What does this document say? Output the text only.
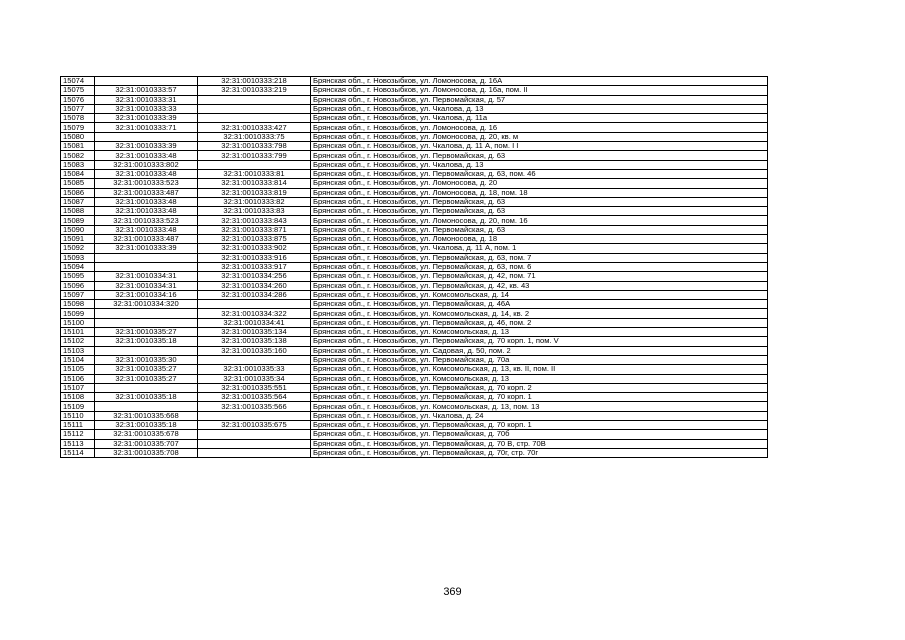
15074		32:31:0010333:218	Брянская обл., г. Новозыбков, ул. Ломоносова, д. 16А
15075	32:31:0010333:57	32:31:0010333:219	Брянская обл., г. Новозыбков, ул. Ломоносова, д. 16а, пом. II
15076	32:31:0010333:31		Брянская обл., г. Новозыбков, ул. Первомайская, д. 57
15077	32:31:0010333:33		Брянская обл., г. Новозыбков, ул. Чкалова, д. 13
15078	32:31:0010333:39		Брянская обл., г. Новозыбков, ул. Чкалова, д. 11а
15079	32:31:0010333:71	32:31:0010333:427	Брянская обл., г. Новозыбков, ул. Ломоносова, д. 16
15080		32:31:0010333:75	Брянская обл., г. Новозыбков, ул. Ломоносова, д. 20, кв. м
15081	32:31:0010333:39	32:31:0010333:798	Брянская обл., г. Новозыбков, ул. Чкалова, д. 11 А, пом. I I
15082	32:31:0010333:48	32:31:0010333:799	Брянская обл., г. Новозыбков, ул. Первомайская, д. 63
15083	32:31:0010333:802		Брянская обл., г. Новозыбков, ул. Чкалова, д. 13
15084	32:31:0010333:48	32:31:0010333:81	Брянская обл., г. Новозыбков, ул. Первомайская, д. 63, пом. 46
15085	32:31:0010333:523	32:31:0010333:814	Брянская обл., г. Новозыбков, ул. Ломоносова, д. 20
15086	32:31:0010333:487	32:31:0010333:819	Брянская обл., г. Новозыбков, ул. Ломоносова, д. 18, пом. 18
15087	32:31:0010333:48	32:31:0010333:82	Брянская обл., г. Новозыбков, ул. Первомайская, д. 63
15088	32:31:0010333:48	32:31:0010333:83	Брянская обл., г. Новозыбков, ул. Первомайская, д. 63
15089	32:31:0010333:523	32:31:0010333:843	Брянская обл., г. Новозыбков, ул. Ломоносова, д. 20, пом. 16
15090	32:31:0010333:48	32:31:0010333:871	Брянская обл., г. Новозыбков, ул. Первомайская, д. 63
15091	32:31:0010333:487	32:31:0010333:875	Брянская обл., г. Новозыбков, ул. Ломоносова, д. 18
15092	32:31:0010333:39	32:31:0010333:902	Брянская обл., г. Новозыбков, ул. Чкалова, д. 11 А, пом. 1
15093		32:31:0010333:916	Брянская обл., г. Новозыбков, ул. Первомайская, д. 63, пом. 7
15094		32:31:0010333:917	Брянская обл., г. Новозыбков, ул. Первомайская, д. 63, пом. 6
15095	32:31:0010334:31	32:31:0010334:256	Брянская обл., г. Новозыбков, ул. Первомайская, д. 42, пом. 71
15096	32:31:0010334:31	32:31:0010334:260	Брянская обл., г. Новозыбков, ул. Первомайская, д. 42, кв. 43
15097	32:31:0010334:16	32:31:0010334:286	Брянская обл., г. Новозыбков, ул. Комсомольская, д. 14
15098	32:31:0010334:320		Брянская обл., г. Новозыбков, ул. Первомайская, д. 46А
15099		32:31:0010334:322	Брянская обл., г. Новозыбков, ул. Комсомольская, д. 14, кв. 2
15100		32:31:0010334:41	Брянская обл., г. Новозыбков, ул. Первомайская, д. 46, пом. 2
15101	32:31:0010335:27	32:31:0010335:134	Брянская обл., г. Новозыбков, ул. Комсомольская, д. 13
15102	32:31:0010335:18	32:31:0010335:138	Брянская обл., г. Новозыбков, ул. Первомайская, д. 70 корп. 1, пом. V
15103		32:31:0010335:160	Брянская обл., г. Новозыбков, ул. Садовая, д. 50, пом. 2
15104	32:31:0010335:30		Брянская обл., г. Новозыбков, ул. Первомайская, д. 70а
15105	32:31:0010335:27	32:31:0010335:33	Брянская обл., г. Новозыбков, ул. Комсомольская, д. 13, кв. II, пом. II
15106	32:31:0010335:27	32:31:0010335:34	Брянская обл., г. Новозыбков, ул. Комсомольская, д. 13
15107		32:31:0010335:551	Брянская обл., г. Новозыбков, ул. Первомайская, д. 70 корп. 2
15108	32:31:0010335:18	32:31:0010335:564	Брянская обл., г. Новозыбков, ул. Первомайская, д. 70 корп. 1
15109		32:31:0010335:566	Брянская обл., г. Новозыбков, ул. Комсомольская, д. 13, пом. 13
15110	32:31:0010335:668		Брянская обл., г. Новозыбков, ул. Чкалова, д. 24
15111	32:31:0010335:18	32:31:0010335:675	Брянская обл., г. Новозыбков, ул. Первомайская, д. 70 корп. 1
15112	32:31:0010335:678		Брянская обл., г. Новозыбков, ул. Первомайская, д. 70б
15113	32:31:0010335:707		Брянская обл., г. Новозыбков, ул. Первомайская, д. 70 В, стр. 70В
15114	32:31:0010335:708		Брянская обл., г. Новозыбков, ул. Первомайская, д. 70г, стр. 70г
369
